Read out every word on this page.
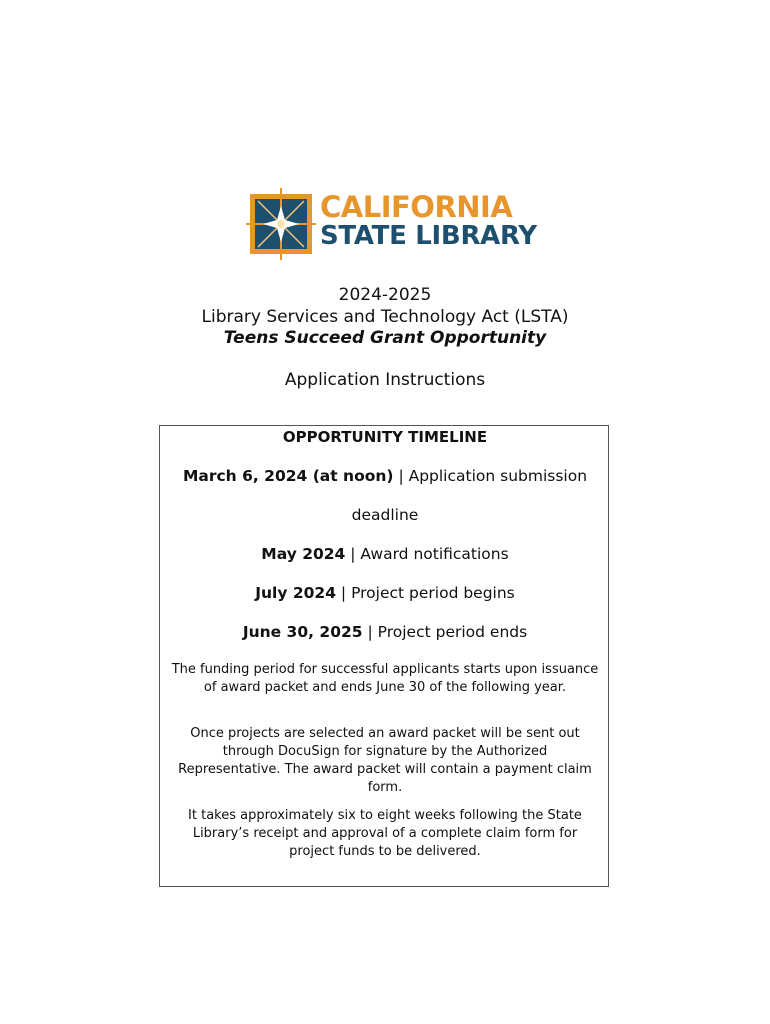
CALIFORNIA
STATE LIBRARY
2024-2025
Library Services and Technology Act (LSTA)
Teens Succeed Grant Opportunity
Application Instructions
OPPORTUNITY TIMELINE
March 6, 2024 (at noon) | Application submission
deadline
May 2024 | Award notifications
July 2024 | Project period begins
June 30, 2025 | Project period ends
The funding period for successful applicants starts upon issuance of award packet and ends June 30 of the following year.
Once projects are selected an award packet will be sent out through DocuSign for signature by the Authorized Representative. The award packet will contain a payment claim form.
It takes approximately six to eight weeks following the State Library’s receipt and approval of a complete claim form for project funds to be delivered.
